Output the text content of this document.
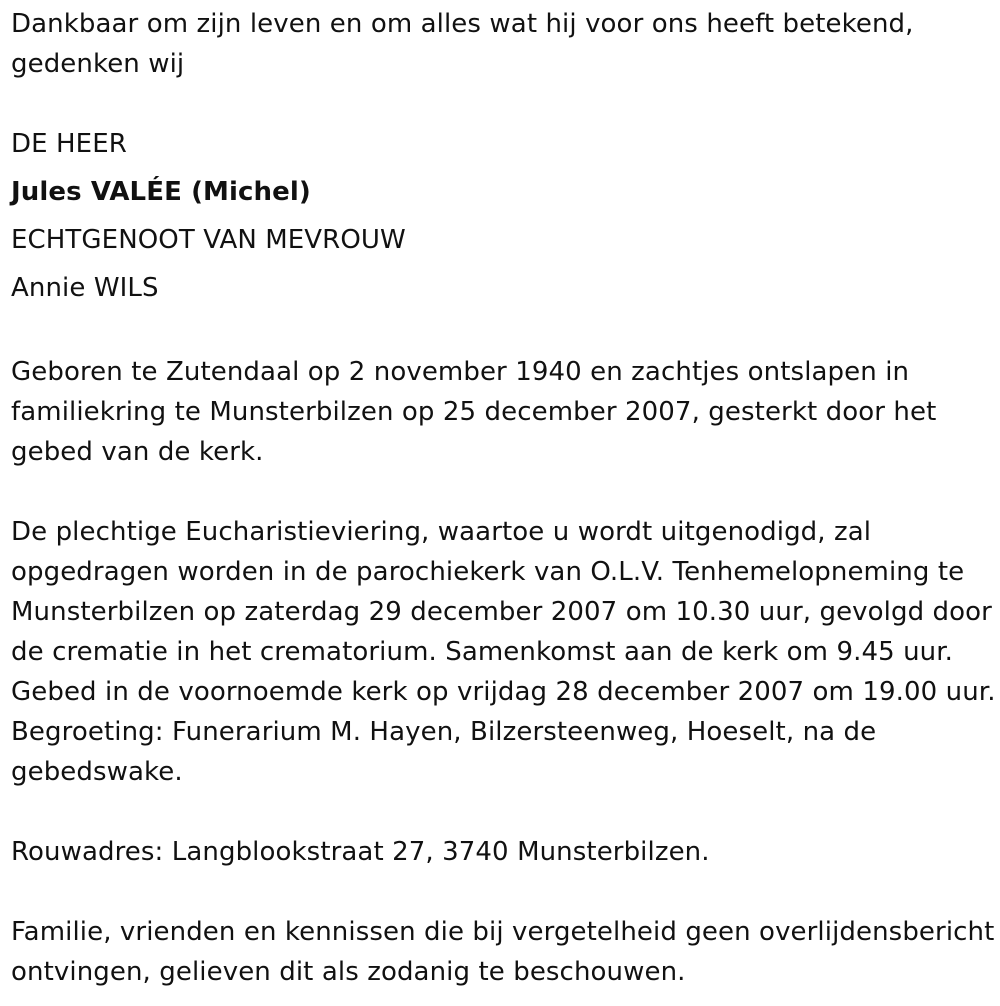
Dankbaar om zijn leven en om alles wat hij voor ons heeft betekend, gedenken wij

DE HEER
Jules VALÉE (Michel)
ECHTGENOOT VAN MEVROUW
Annie WILS

Geboren te Zutendaal op 2 november 1940 en zachtjes ontslapen in familiekring te Munsterbilzen op 25 december 2007, gesterkt door het gebed van de kerk.

De plechtige Eucharistieviering, waartoe u wordt uitgenodigd, zal opgedragen worden in de parochiekerk van O.L.V. Tenhemelopneming te Munsterbilzen op zaterdag 29 december 2007 om 10.30 uur, gevolgd door de crematie in het crematorium. Samenkomst aan de kerk om 9.45 uur. Gebed in de voornoemde kerk op vrijdag 28 december 2007 om 19.00 uur. Begroeting: Funerarium M. Hayen, Bilzersteenweg, Hoeselt, na de gebedswake.

Rouwadres: Langblookstraat 27, 3740 Munsterbilzen.

Familie, vrienden en kennissen die bij vergetelheid geen overlijdensbericht ontvingen, gelieven dit als zodanig te beschouwen.
